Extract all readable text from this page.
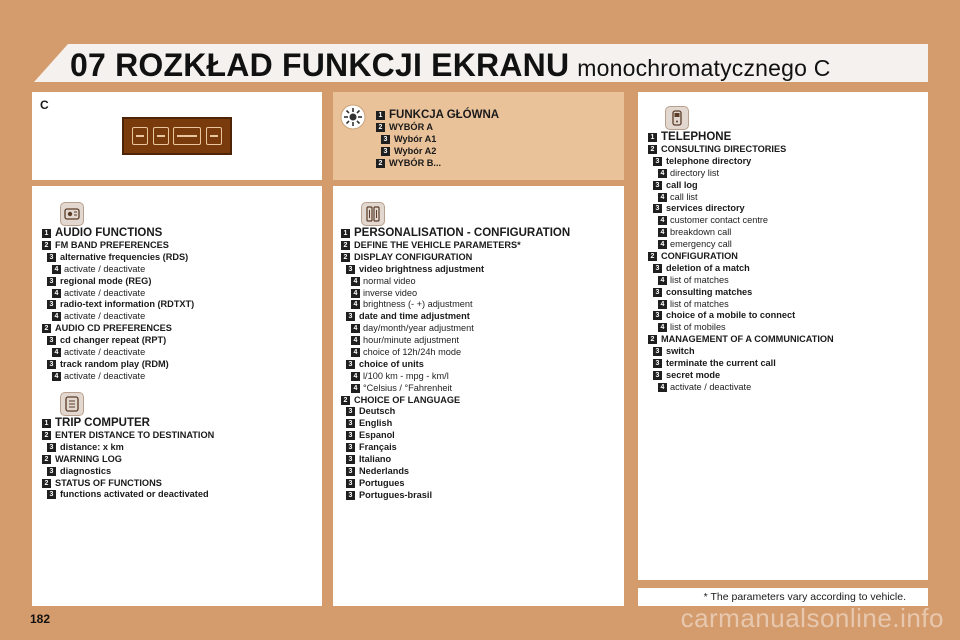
07 ROZKŁAD FUNKCJI EKRANU monochromatycznego C
C
1 FUNKCJA GŁÓWNA
2 WYBÓR A
3 Wybór A1
3 Wybór A2
2 WYBÓR B...
1 AUDIO FUNCTIONS
2 FM BAND PREFERENCES
3 alternative frequencies (RDS)
4 activate / deactivate
3 regional mode (REG)
4 activate / deactivate
3 radio-text information (RDTXT)
4 activate / deactivate
2 AUDIO CD PREFERENCES
3 cd changer repeat (RPT)
4 activate / deactivate
3 track random play (RDM)
4 activate / deactivate
1 TRIP COMPUTER
2 ENTER DISTANCE TO DESTINATION
3 distance: x km
2 WARNING LOG
3 diagnostics
2 STATUS OF FUNCTIONS
3 functions activated or deactivated
1 PERSONALISATION - CONFIGURATION
2 DEFINE THE VEHICLE PARAMETERS*
2 DISPLAY CONFIGURATION
3 video brightness adjustment
4 normal video
4 inverse video
4 brightness (- +) adjustment
3 date and time adjustment
4 day/month/year adjustment
4 hour/minute adjustment
4 choice of 12h/24h mode
3 choice of units
4 l/100 km - mpg - km/l
4 °Celsius / °Fahrenheit
2 CHOICE OF LANGUAGE
3 Deutsch
3 English
3 Espanol
3 Français
3 Italiano
3 Nederlands
3 Portugues
3 Portugues-brasil
1 TELEPHONE
2 CONSULTING DIRECTORIES
3 telephone directory
4 directory list
3 call log
4 call list
3 services directory
4 customer contact centre
4 breakdown call
4 emergency call
2 CONFIGURATION
3 deletion of a match
4 list of matches
3 consulting matches
4 list of matches
3 choice of a mobile to connect
4 list of mobiles
2 MANAGEMENT OF A COMMUNICATION
3 switch
3 terminate the current call
3 secret mode
4 activate / deactivate
* The parameters vary according to vehicle.
182	carmanualsonline.info
